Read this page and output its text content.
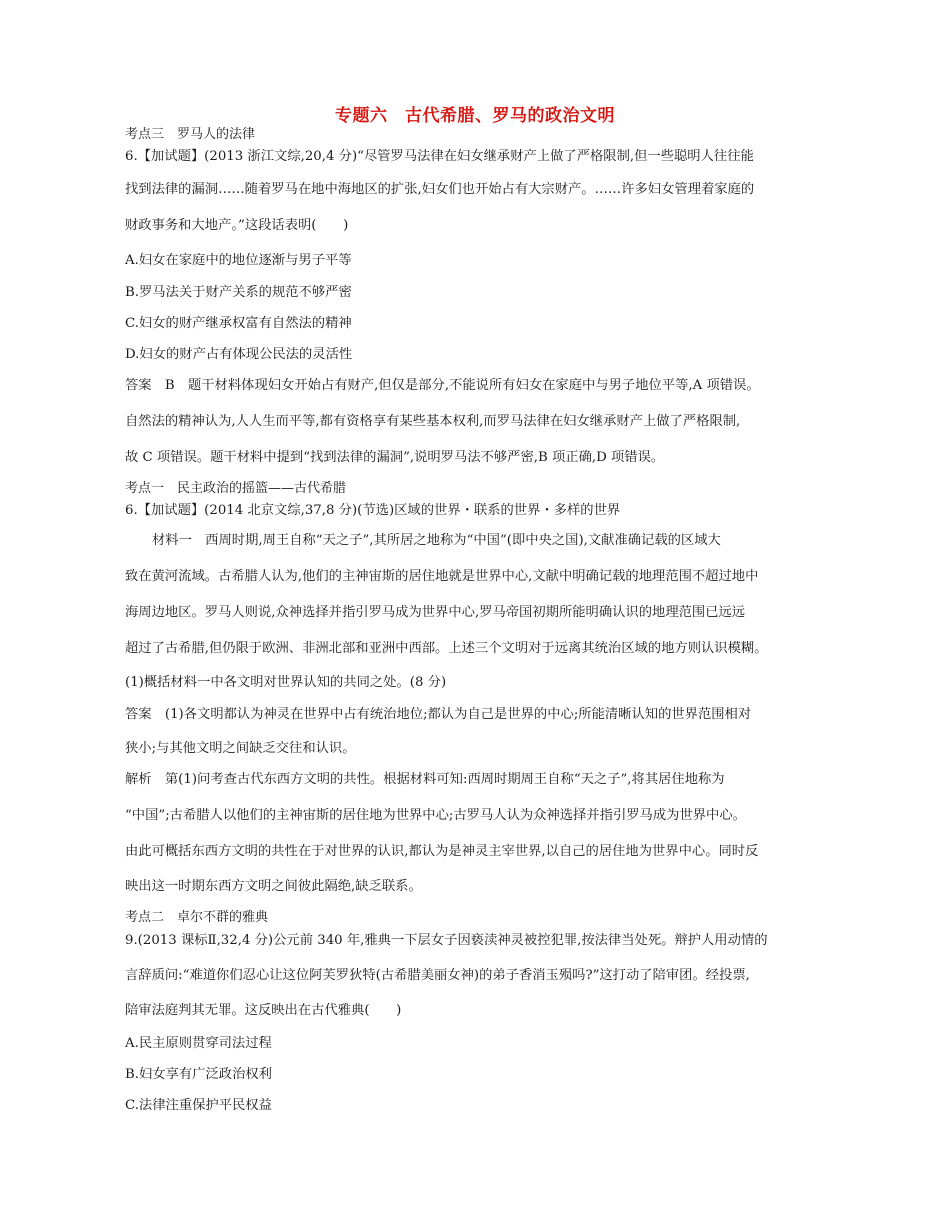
专题六　古代希腊、罗马的政治文明
考点三　罗马人的法律
6.【加试题】(2013 浙江文综,20,4 分)“尽管罗马法律在妇女继承财产上做了严格限制,但一些聪明人往往能
找到法律的漏洞……随着罗马在地中海地区的扩张,妇女们也开始占有大宗财产。……许多妇女管理着家庭的
财政事务和大地产。”这段话表明(　　)
A.妇女在家庭中的地位逐渐与男子平等
B.罗马法关于财产关系的规范不够严密
C.妇女的财产继承权富有自然法的精神
D.妇女的财产占有体现公民法的灵活性
答案　B　题干材料体现妇女开始占有财产,但仅是部分,不能说所有妇女在家庭中与男子地位平等,A 项错误。
自然法的精神认为,人人生而平等,都有资格享有某些基本权利,而罗马法律在妇女继承财产上做了严格限制,
故 C 项错误。题干材料中提到“找到法律的漏洞”,说明罗马法不够严密,B 项正确,D 项错误。
考点一　民主政治的摇篮——古代希腊
6.【加试题】(2014 北京文综,37,8 分)(节选)区域的世界・联系的世界・多样的世界
材料一　西周时期,周王自称“天之子”,其所居之地称为“中国”(即中央之国),文献准确记载的区域大
致在黄河流域。古希腊人认为,他们的主神宙斯的居住地就是世界中心,文献中明确记载的地理范围不超过地中
海周边地区。罗马人则说,众神选择并指引罗马成为世界中心,罗马帝国初期所能明确认识的地理范围已远远
超过了古希腊,但仍限于欧洲、非洲北部和亚洲中西部。上述三个文明对于远离其统治区域的地方则认识模糊。
(1)概括材料一中各文明对世界认知的共同之处。(8 分)
答案　(1)各文明都认为神灵在世界中占有统治地位;都认为自己是世界的中心;所能清晰认知的世界范围相对
狭小;与其他文明之间缺乏交往和认识。
解析　第(1)问考查古代东西方文明的共性。根据材料可知:西周时期周王自称“天之子”,将其居住地称为
“中国”;古希腊人以他们的主神宙斯的居住地为世界中心;古罗马人认为众神选择并指引罗马成为世界中心。
由此可概括东西方文明的共性在于对世界的认识,都认为是神灵主宰世界,以自己的居住地为世界中心。同时反
映出这一时期东西方文明之间彼此隔绝,缺乏联系。
考点二　卓尔不群的雅典
9.(2013 课标Ⅱ,32,4 分)公元前 340 年,雅典一下层女子因亵渎神灵被控犯罪,按法律当处死。辩护人用动情的
言辞质问:“难道你们忍心让这位阿芙罗狄特(古希腊美丽女神)的弟子香消玉殒吗?”这打动了陪审团。经投票,
陪审法庭判其无罪。这反映出在古代雅典(　　)
A.民主原则贯穿司法过程
B.妇女享有广泛政治权利
C.法律注重保护平民权益
